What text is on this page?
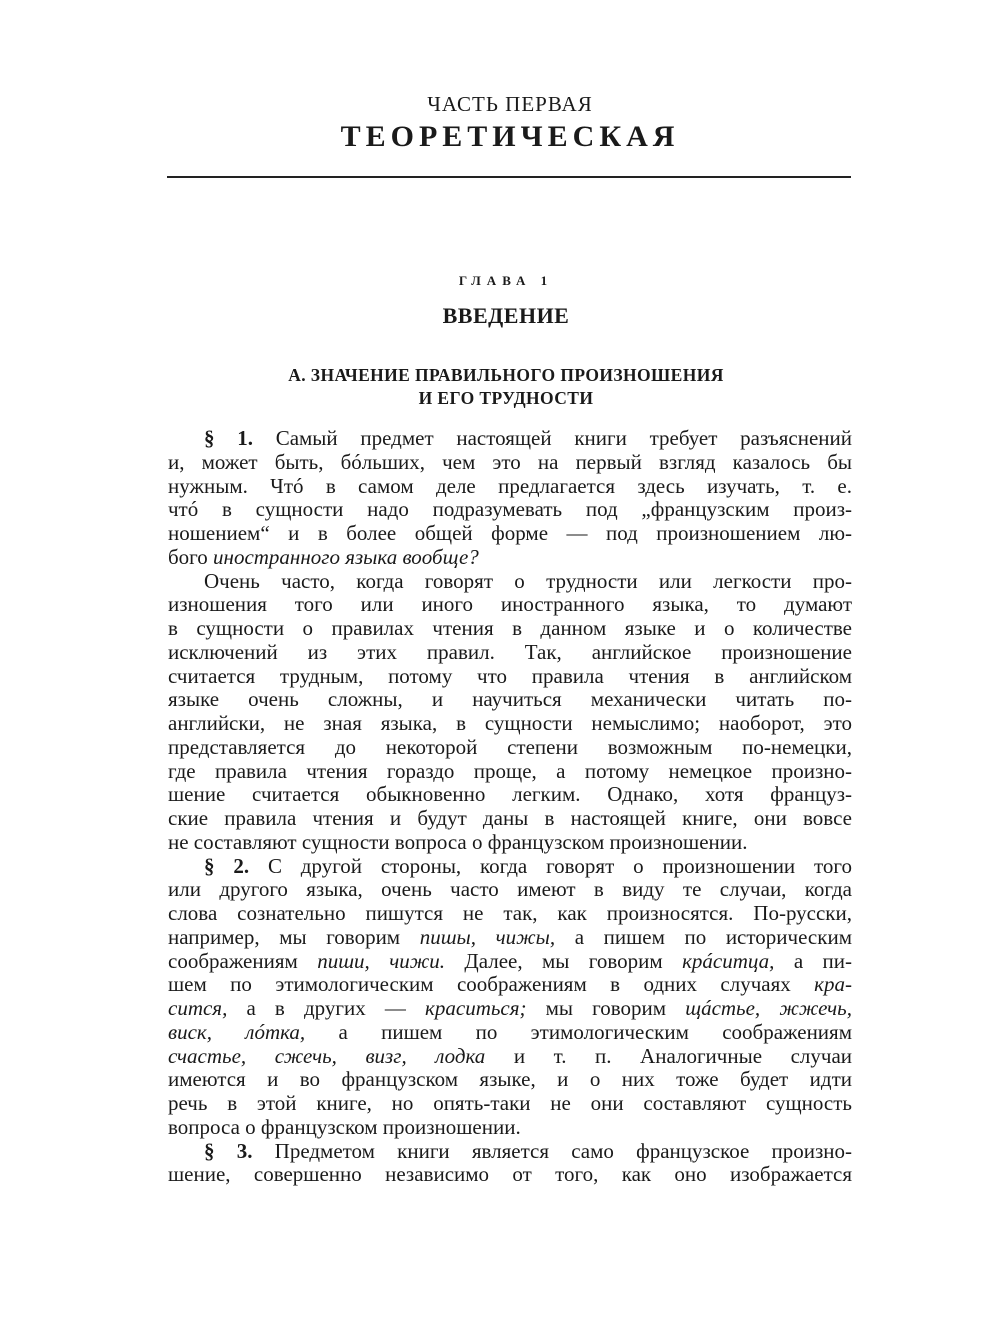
ЧАСТЬ ПЕРВАЯ
ТЕОРЕТИЧЕСКАЯ
ГЛАВА 1
ВВЕДЕНИЕ
А. ЗНАЧЕНИЕ ПРАВИЛЬНОГО ПРОИЗНОШЕНИЯ
И ЕГО ТРУДНОСТИ
§ 1. Самый предмет настоящей книги требует разъяснений
и, может быть, бóльших, чем это на первый взгляд казалось бы
нужным. Чтó в самом деле предлагается здесь изучать, т. е.
чтó в сущности надо подразумевать под „французским произ-
ношением“ и в более общей форме — под произношением лю-
бого иностранного языка вообще?
Очень часто, когда говорят о трудности или легкости про-
изношения того или иного иностранного языка, то думают
в сущности о правилах чтения в данном языке и о количестве
исключений из этих правил. Так, английское произношение
считается трудным, потому что правила чтения в английском
языке очень сложны, и научиться механически читать по-
английски, не зная языка, в сущности немыслимо; наоборот, это
представляется до некоторой степени возможным по-немецки,
где правила чтения гораздо проще, а потому немецкое произно-
шение считается обыкновенно легким. Однако, хотя француз-
ские правила чтения и будут даны в настоящей книге, они вовсе
не составляют сущности вопроса о французском произношении.
§ 2. С другой стороны, когда говорят о произношении того
или другого языка, очень часто имеют в виду те случаи, когда
слова сознательно пишутся не так, как произносятся. По-русски,
например, мы говорим пишы, чижы, а пишем по историческим
соображениям пиши, чижи. Далее, мы говорим крáситца, а пи-
шем по этимологическим соображениям в одних случаях кра-
сится, а в других — краситься; мы говорим щáстье, жжечь,
виск, лóтка, а пишем по этимологическим соображениям
счастье, сжечь, визг, лодка и т. п. Аналогичные случаи
имеются и во французском языке, и о них тоже будет идти
речь в этой книге, но опять-таки не они составляют сущность
вопроса о французском произношении.
§ 3. Предметом книги является само французское произно-
шение, совершенно независимо от того, как оно изображается
